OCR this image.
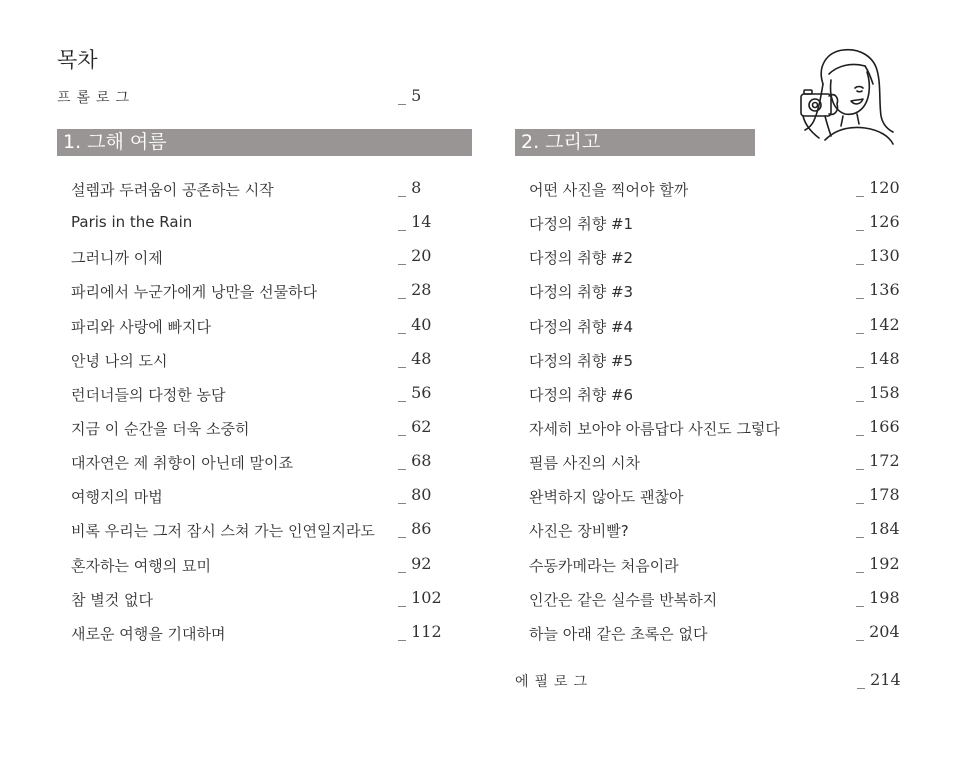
목차
프롤로그	_ 5
1. 그해 여름	2. 그리고
설렘과 두려움이 공존하는 시작	_ 8
Paris in the Rain	_ 14
그러니까 이제	_ 20
파리에서 누군가에게 낭만을 선물하다	_ 28
파리와 사랑에 빠지다	_ 40
안녕 나의 도시	_ 48
런더너들의 다정한 농담	_ 56
지금 이 순간을 더욱 소중히	_ 62
대자연은 제 취향이 아닌데 말이죠	_ 68
여행지의 마법	_ 80
비록 우리는 그저 잠시 스쳐 가는 인연일지라도 _ 86
혼자하는 여행의 묘미	_ 92
참 별것 없다	_ 102
새로운 여행을 기대하며	_ 112
어떤 사진을 찍어야 할까	_ 120
다정의 취향 #1	_ 126
다정의 취향 #2	_ 130
다정의 취향 #3	_ 136
다정의 취향 #4	_ 142
다정의 취향 #5	_ 148
다정의 취향 #6	_ 158
자세히 보아야 아름답다 사진도 그렇다	_ 166
필름 사진의 시차	_ 172
완벽하지 않아도 괜찮아	_ 178
사진은 장비빨?	_ 184
수동카메라는 처음이라	_ 192
인간은 같은 실수를 반복하지	_ 198
하늘 아래 같은 초록은 없다	_ 204
에필로그	_ 214
